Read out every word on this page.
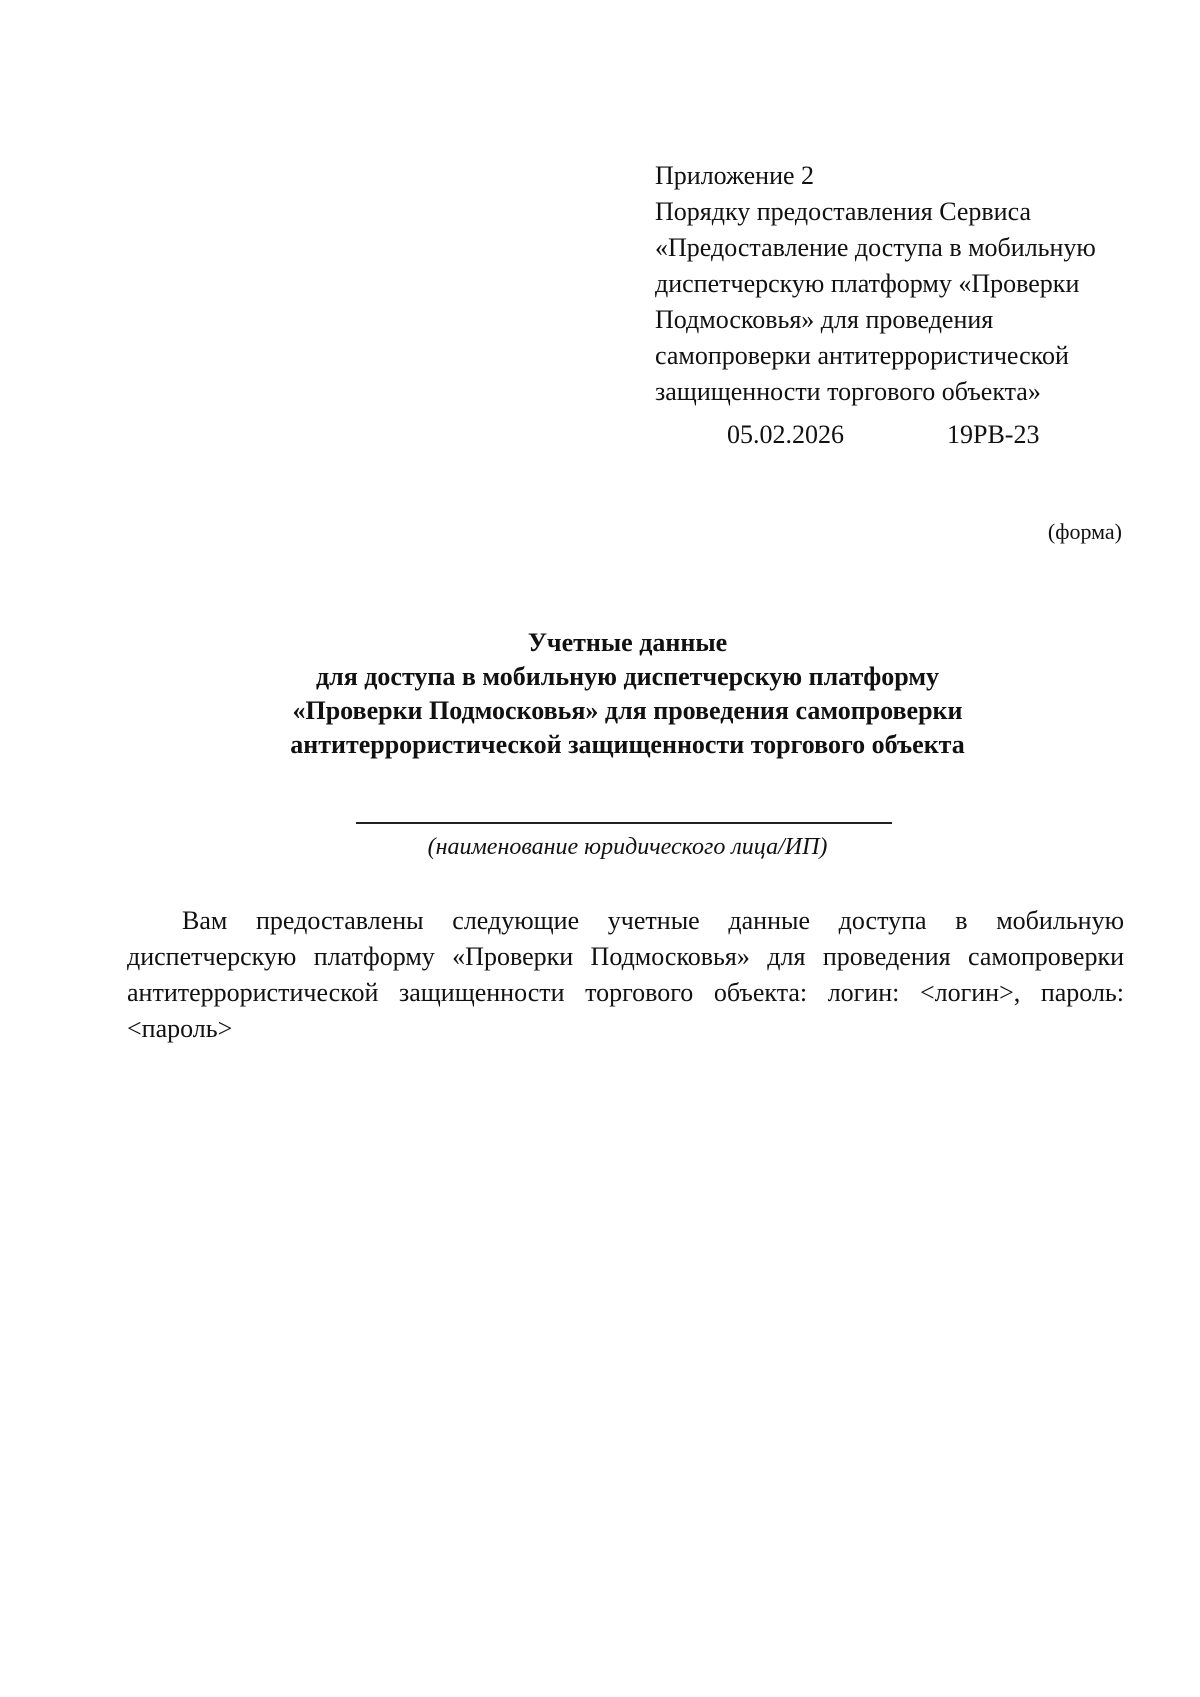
Приложение 2
Порядку предоставления Сервиса
«Предоставление доступа в мобильную
диспетчерскую платформу «Проверки
Подмосковья» для проведения
самопроверки антитеррористической
защищенности торгового объекта»
05.02.2026	19РВ-23
(форма)
Учетные данные
для доступа в мобильную диспетчерскую платформу
«Проверки Подмосковья» для проведения самопроверки
антитеррористической защищенности торгового объекта
(наименование юридического лица/ИП)

Вам предоставлены следующие учетные данные доступа в мобильную диспетчерскую платформу «Проверки Подмосковья» для проведения самопроверки антитеррористической защищенности торгового объекта: логин: <логин>, пароль: <пароль>
